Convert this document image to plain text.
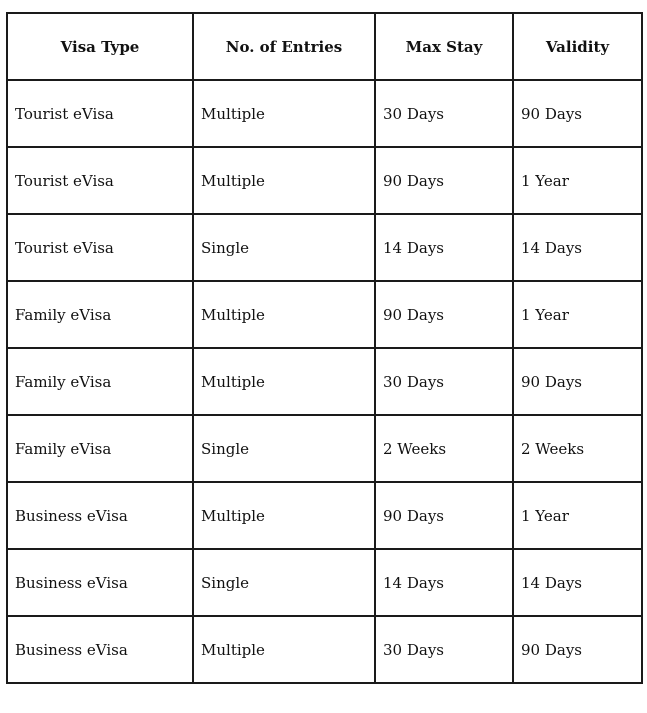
Visa Type	No. of Entries	Max Stay	Validity
Tourist eVisa	Multiple	30 Days	90 Days
Tourist eVisa	Multiple	90 Days	1 Year
Tourist eVisa	Single	14 Days	14 Days
Family eVisa	Multiple	90 Days	1 Year
Family eVisa	Multiple	30 Days	90 Days
Family eVisa	Single	2 Weeks	2 Weeks
Business eVisa	Multiple	90 Days	1 Year
Business eVisa	Single	14 Days	14 Days
Business eVisa	Multiple	30 Days	90 Days
